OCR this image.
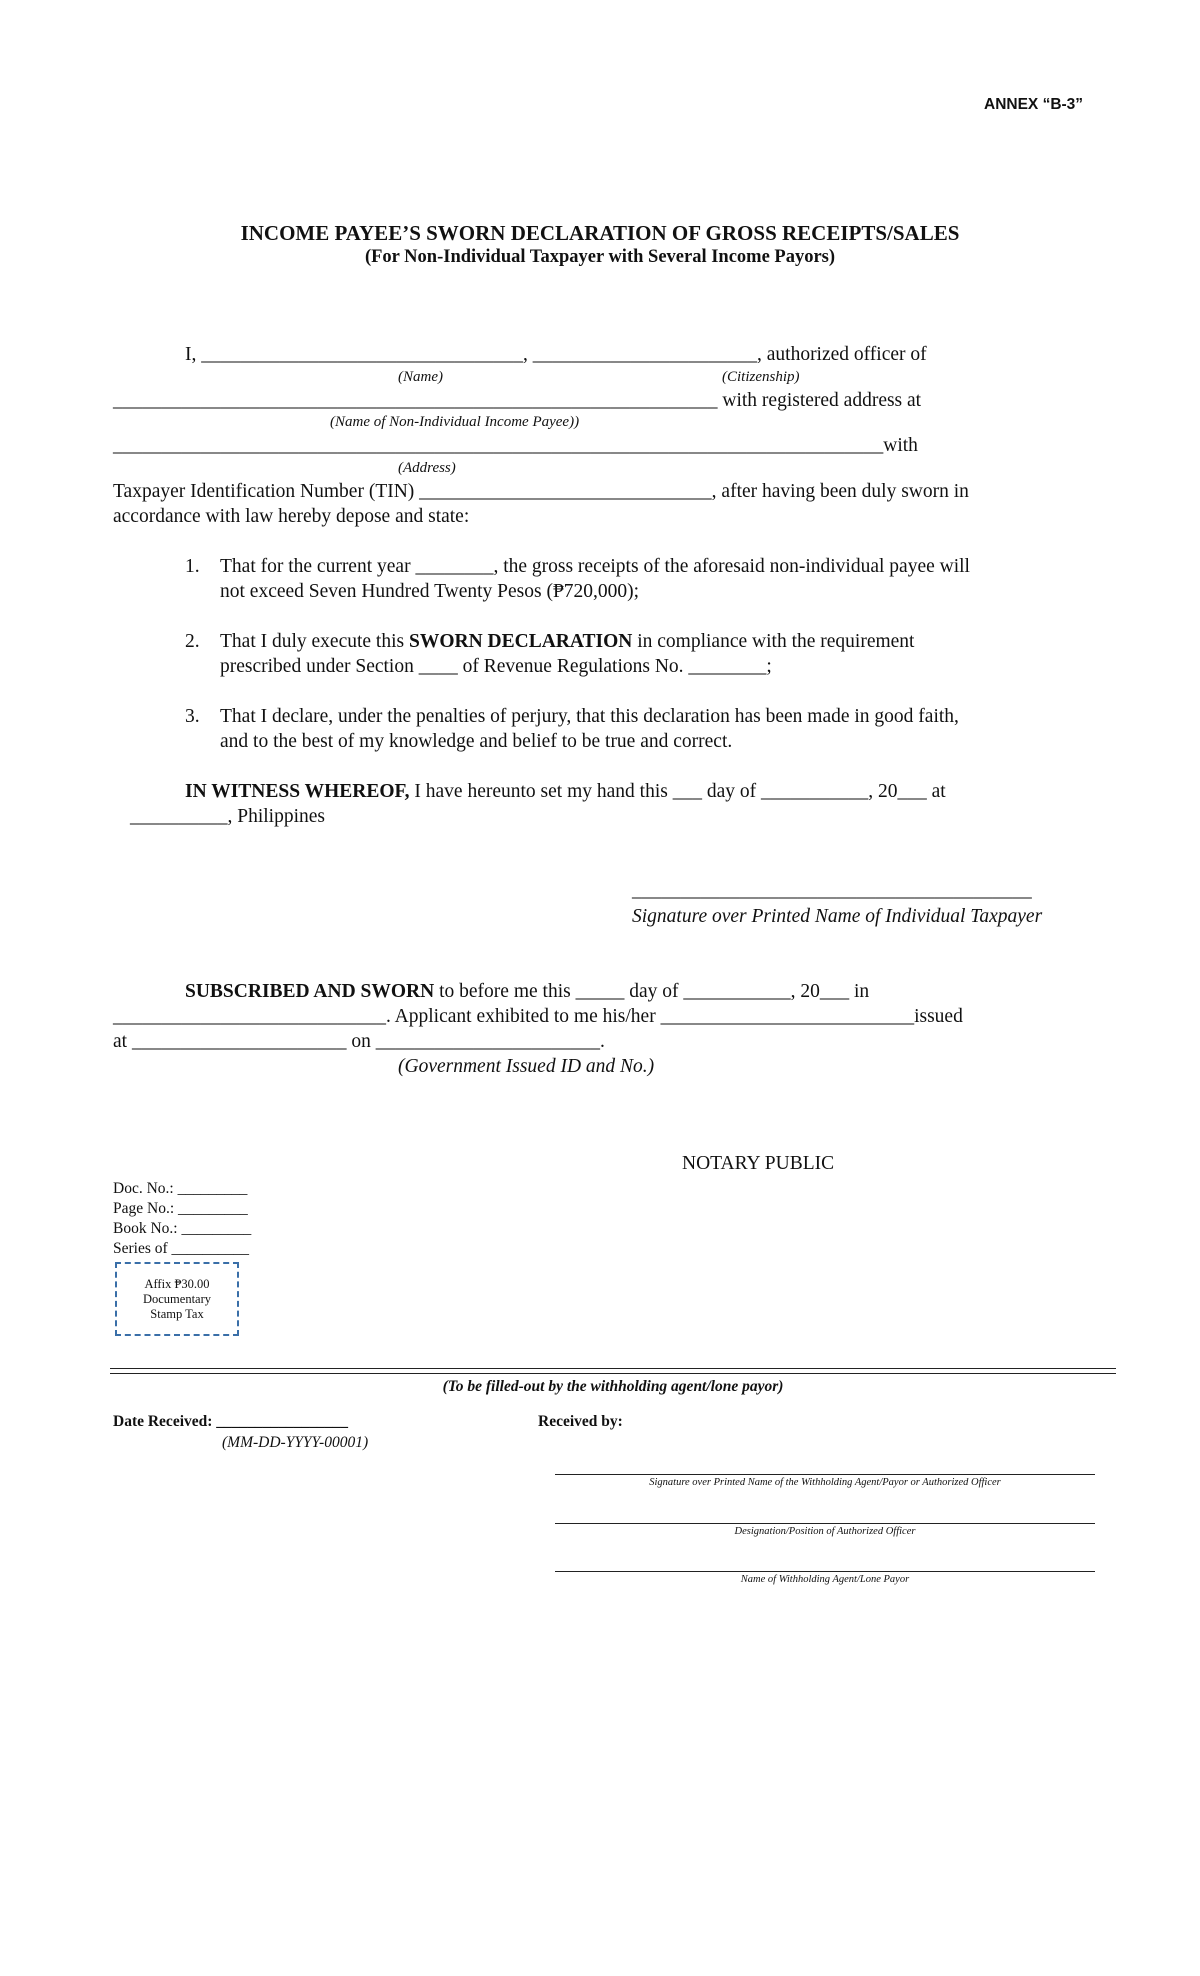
ANNEX “B-3”
INCOME PAYEE’S SWORN DECLARATION OF GROSS RECEIPTS/SALES
(For Non-Individual Taxpayer with Several Income Payors)
I, _________________________________, _______________________, authorized officer of
(Name)	(Citizenship)
______________________________________________________________ with registered address at
(Name of Non-Individual Income Payee))
_______________________________________________________________________________with
(Address)
Taxpayer Identification Number (TIN) ______________________________, after having been duly sworn in
accordance with law hereby depose and state:
1. That for the current year ________, the gross receipts of the aforesaid non-individual payee will
not exceed Seven Hundred Twenty Pesos (₱720,000);
2. That I duly execute this SWORN DECLARATION in compliance with the requirement
prescribed under Section ____ of Revenue Regulations No. ________;
3. That I declare, under the penalties of perjury, that this declaration has been made in good faith,
and to the best of my knowledge and belief to be true and correct.
IN WITNESS WHEREOF, I have hereunto set my hand this ___ day of ___________, 20___ at
__________, Philippines
_________________________________________
Signature over Printed Name of Individual Taxpayer
SUBSCRIBED AND SWORN to before me this _____ day of ___________, 20___ in
____________________________. Applicant exhibited to me his/her __________________________issued
at ______________________ on _______________________.
(Government Issued ID and No.)
NOTARY PUBLIC
Doc. No.: _________
Page No.: _________
Book No.: _________
Series of __________
Affix ₱30.00
Documentary
Stamp Tax
(To be filled-out by the withholding agent/lone payor)
Date Received: _________________
(MM-DD-YYYY-00001)
Received by:
Signature over Printed Name of the Withholding Agent/Payor or Authorized Officer
Designation/Position of Authorized Officer
Name of Withholding Agent/Lone Payor
